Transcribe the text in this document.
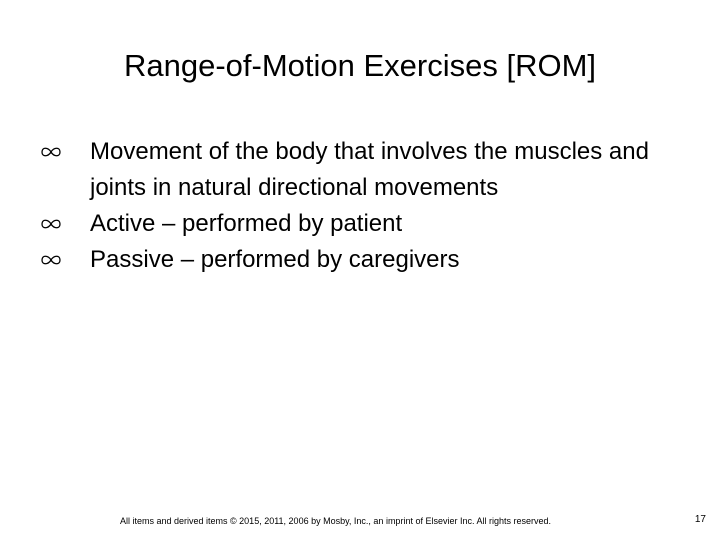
Range-of-Motion Exercises [ROM]
Movement of the body that involves the muscles and joints in natural directional movements
Active – performed by patient
Passive – performed by caregivers
All items and derived items © 2015, 2011, 2006 by Mosby, Inc., an imprint of Elsevier Inc. All rights reserved.	17
